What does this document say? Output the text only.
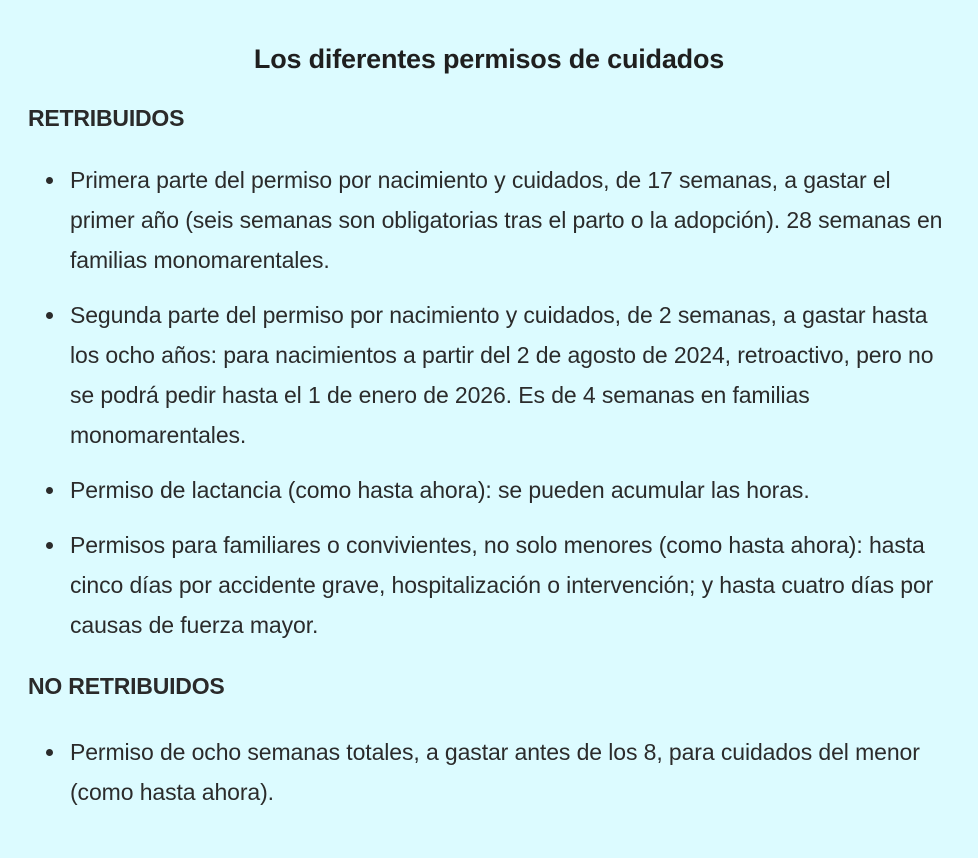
Los diferentes permisos de cuidados
RETRIBUIDOS
Primera parte del permiso por nacimiento y cuidados, de 17 semanas, a gastar el primer año (seis semanas son obligatorias tras el parto o la adopción). 28 semanas en familias monomarentales.
Segunda parte del permiso por nacimiento y cuidados, de 2 semanas, a gastar hasta los ocho años: para nacimientos a partir del 2 de agosto de 2024, retroactivo, pero no se podrá pedir hasta el 1 de enero de 2026. Es de 4 semanas en familias monomarentales.
Permiso de lactancia (como hasta ahora): se pueden acumular las horas.
Permisos para familiares o convivientes, no solo menores (como hasta ahora): hasta cinco días por accidente grave, hospitalización o intervención; y hasta cuatro días por causas de fuerza mayor.
NO RETRIBUIDOS
Permiso de ocho semanas totales, a gastar antes de los 8, para cuidados del menor (como hasta ahora).
